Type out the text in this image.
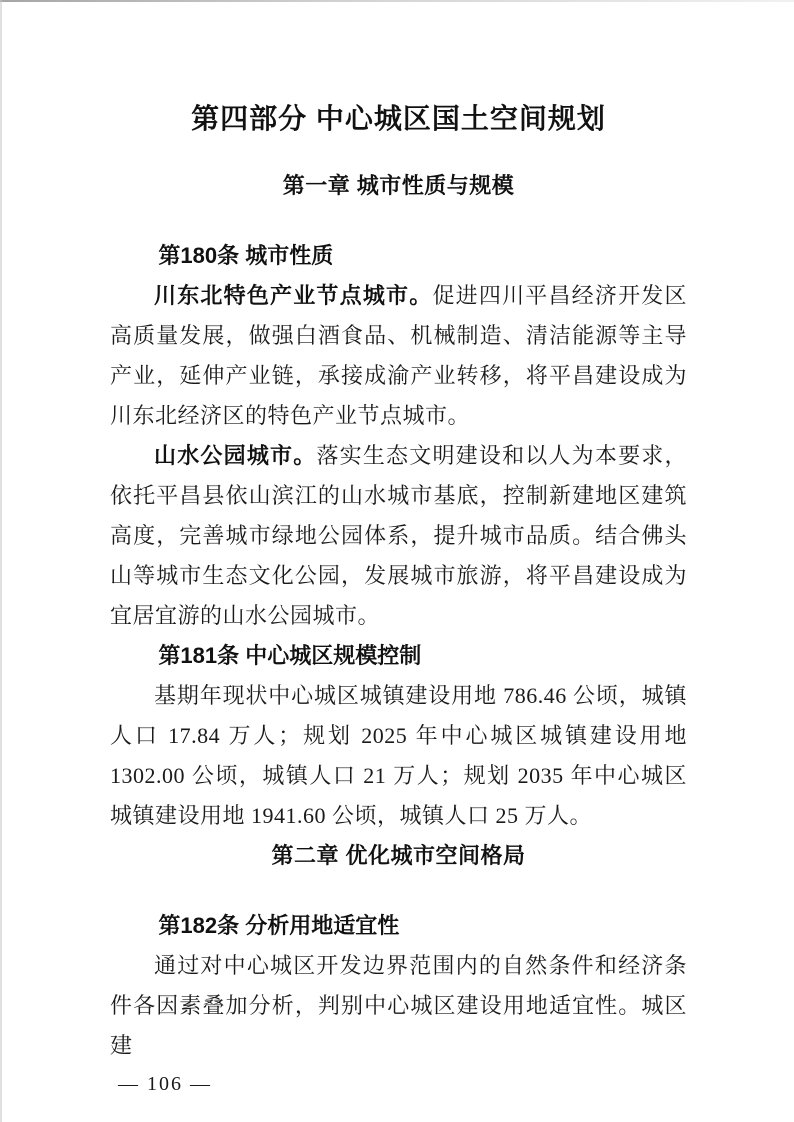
第四部分 中心城区国土空间规划
第一章 城市性质与规模
第180条 城市性质

川东北特色产业节点城市。促进四川平昌经济开发区高质量发展，做强白酒食品、机械制造、清洁能源等主导产业，延伸产业链，承接成渝产业转移，将平昌建设成为川东北经济区的特色产业节点城市。

山水公园城市。落实生态文明建设和以人为本要求，依托平昌县依山滨江的山水城市基底，控制新建地区建筑高度，完善城市绿地公园体系，提升城市品质。结合佛头山等城市生态文化公园，发展城市旅游，将平昌建设成为宜居宜游的山水公园城市。

第181条 中心城区规模控制

基期年现状中心城区城镇建设用地 786.46 公顷，城镇人口 17.84 万人；规划 2025 年中心城区城镇建设用地 1302.00 公顷，城镇人口 21 万人；规划 2035 年中心城区城镇建设用地 1941.60 公顷，城镇人口 25 万人。

第二章 优化城市空间格局
第182条 分析用地适宜性

通过对中心城区开发边界范围内的自然条件和经济条件各因素叠加分析，判别中心城区建设用地适宜性。城区建

— 106 —
